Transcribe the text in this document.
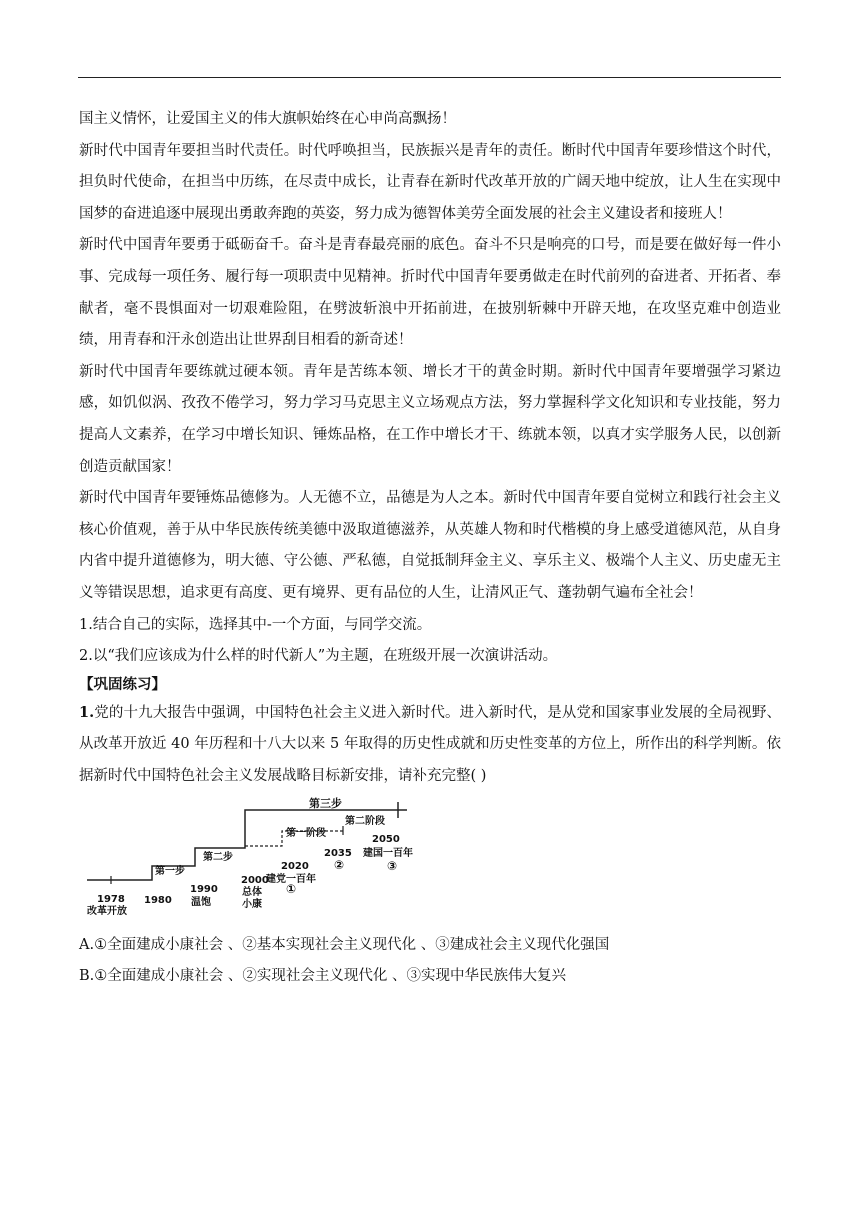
国主义情怀，让爱国主义的伟大旗帜始终在心申尚高飘扬！

新时代中国青年要担当时代责任。时代呼唤担当，民族振兴是青年的责任。断时代中国青年要珍惜这个时代，担负时代使命，在担当中历练，在尽责中成长，让青春在新时代改革开放的广阔天地中绽放，让人生在实现中国梦的奋进追逐中展现出勇敢奔跑的英姿，努力成为德智体美劳全面发展的社会主义建设者和接班人！

新时代中国青年要勇于砥砺奋千。奋斗是青春最亮丽的底色。奋斗不只是响亮的口号，而是要在做好每一件小事、完成每一项任务、履行每一项职责中见精神。折时代中国青年要勇做走在时代前列的奋进者、开拓者、奉献者，毫不畏惧面对一切艰难险阻，在劈波斩浪中开拓前进，在披别斩棘中开辟天地，在攻坚克难中创造业绩，用青春和汗永创造出让世界刮目相看的新奇述！

新时代中国青年要练就过硬本领。青年是苦练本领、增长才干的黄金时期。新时代中国青年要增强学习紧边感，如饥似涡、孜孜不倦学习，努力学习马克思主义立场观点方法，努力掌握科学文化知识和专业技能，努力提高人文素养，在学习中增长知识、锤炼品格，在工作中增长才干、练就本领，以真才实学服务人民，以创新创造贡献国家！

新时代中国青年要锤炼品德修为。人无德不立，品德是为人之本。新时代中国青年要自觉树立和践行社会主义核心价值观，善于从中华民族传统美德中汲取道德滋养，从英雄人物和时代楷模的身上感受道德风范，从自身内省中提升道德修为，明大德、守公德、严私德，自觉抵制拜金主义、享乐主义、极端个人主义、历史虚无主义等错误思想，追求更有高度、更有境界、更有品位的人生，让清风正气、蓬勃朝气遍布全社会！

1.结合自己的实际，选择其中-一个方面，与同学交流。

2.以“我们应该成为什么样的时代新人”为主题，在班级开展一次演讲活动。

【巩固练习】

1.党的十九大报告中强调，中国特色社会主义进入新时代。进入新时代，是从党和国家事业发展的全局视野、从改革开放近 40 年历程和十八大以来 5 年取得的历史性成就和历史性变革的方位上，所作出的科学判断。依据新时代中国特色社会主义发展战略目标新安排，请补充完整( )

第三步
第二阶段
第一阶段
第二步
第一步
2050
2035 建国一百年
③
②
2020
建党一百年
①
2000
总体
小康
1990
温饱
1980
1978
改革开放

A.①全面建成小康社会 、②基本实现社会主义现代化 、③建成社会主义现代化强国

B.①全面建成小康社会 、②实现社会主义现代化 、③实现中华民族伟大复兴
